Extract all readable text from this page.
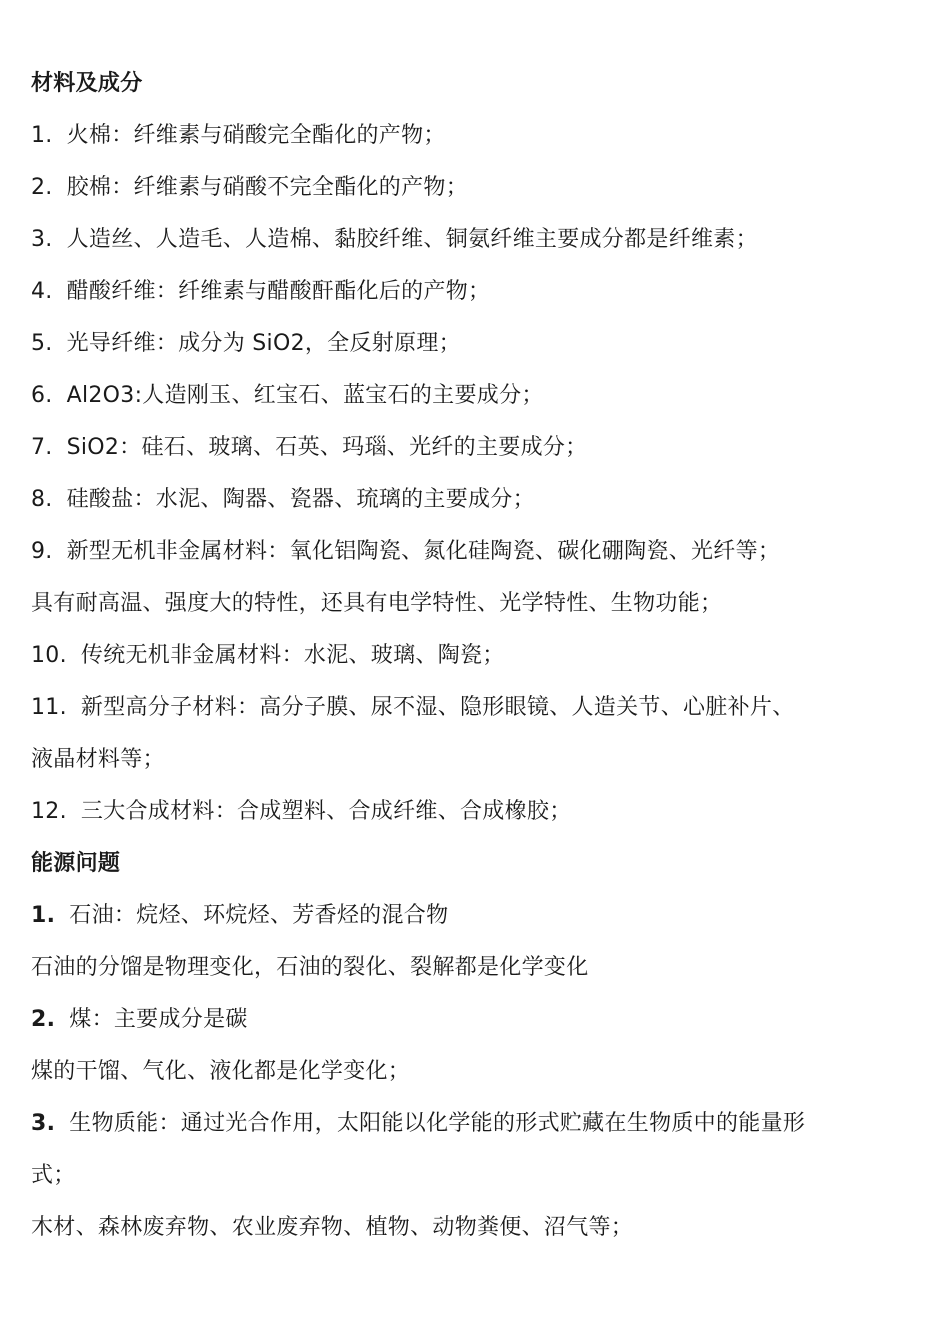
材料及成分
1. 火棉：纤维素与硝酸完全酯化的产物；
2. 胶棉：纤维素与硝酸不完全酯化的产物；
3. 人造丝、人造毛、人造棉、黏胶纤维、铜氨纤维主要成分都是纤维素；
4. 醋酸纤维：纤维素与醋酸酐酯化后的产物；
5. 光导纤维：成分为 SiO2，全反射原理；
6. Al2O3:人造刚玉、红宝石、蓝宝石的主要成分；
7. SiO2：硅石、玻璃、石英、玛瑙、光纤的主要成分；
8. 硅酸盐：水泥、陶器、瓷器、琉璃的主要成分；
9. 新型无机非金属材料：氧化铝陶瓷、氮化硅陶瓷、碳化硼陶瓷、光纤等；
具有耐高温、强度大的特性，还具有电学特性、光学特性、生物功能；
10. 传统无机非金属材料：水泥、玻璃、陶瓷；
11. 新型高分子材料：高分子膜、尿不湿、隐形眼镜、人造关节、心脏补片、
液晶材料等；
12. 三大合成材料：合成塑料、合成纤维、合成橡胶；
能源问题
1. 石油：烷烃、环烷烃、芳香烃的混合物
石油的分馏是物理变化，石油的裂化、裂解都是化学变化
2. 煤：主要成分是碳
煤的干馏、气化、液化都是化学变化；
3. 生物质能：通过光合作用，太阳能以化学能的形式贮藏在生物质中的能量形
式；
木材、森林废弃物、农业废弃物、植物、动物粪便、沼气等；
